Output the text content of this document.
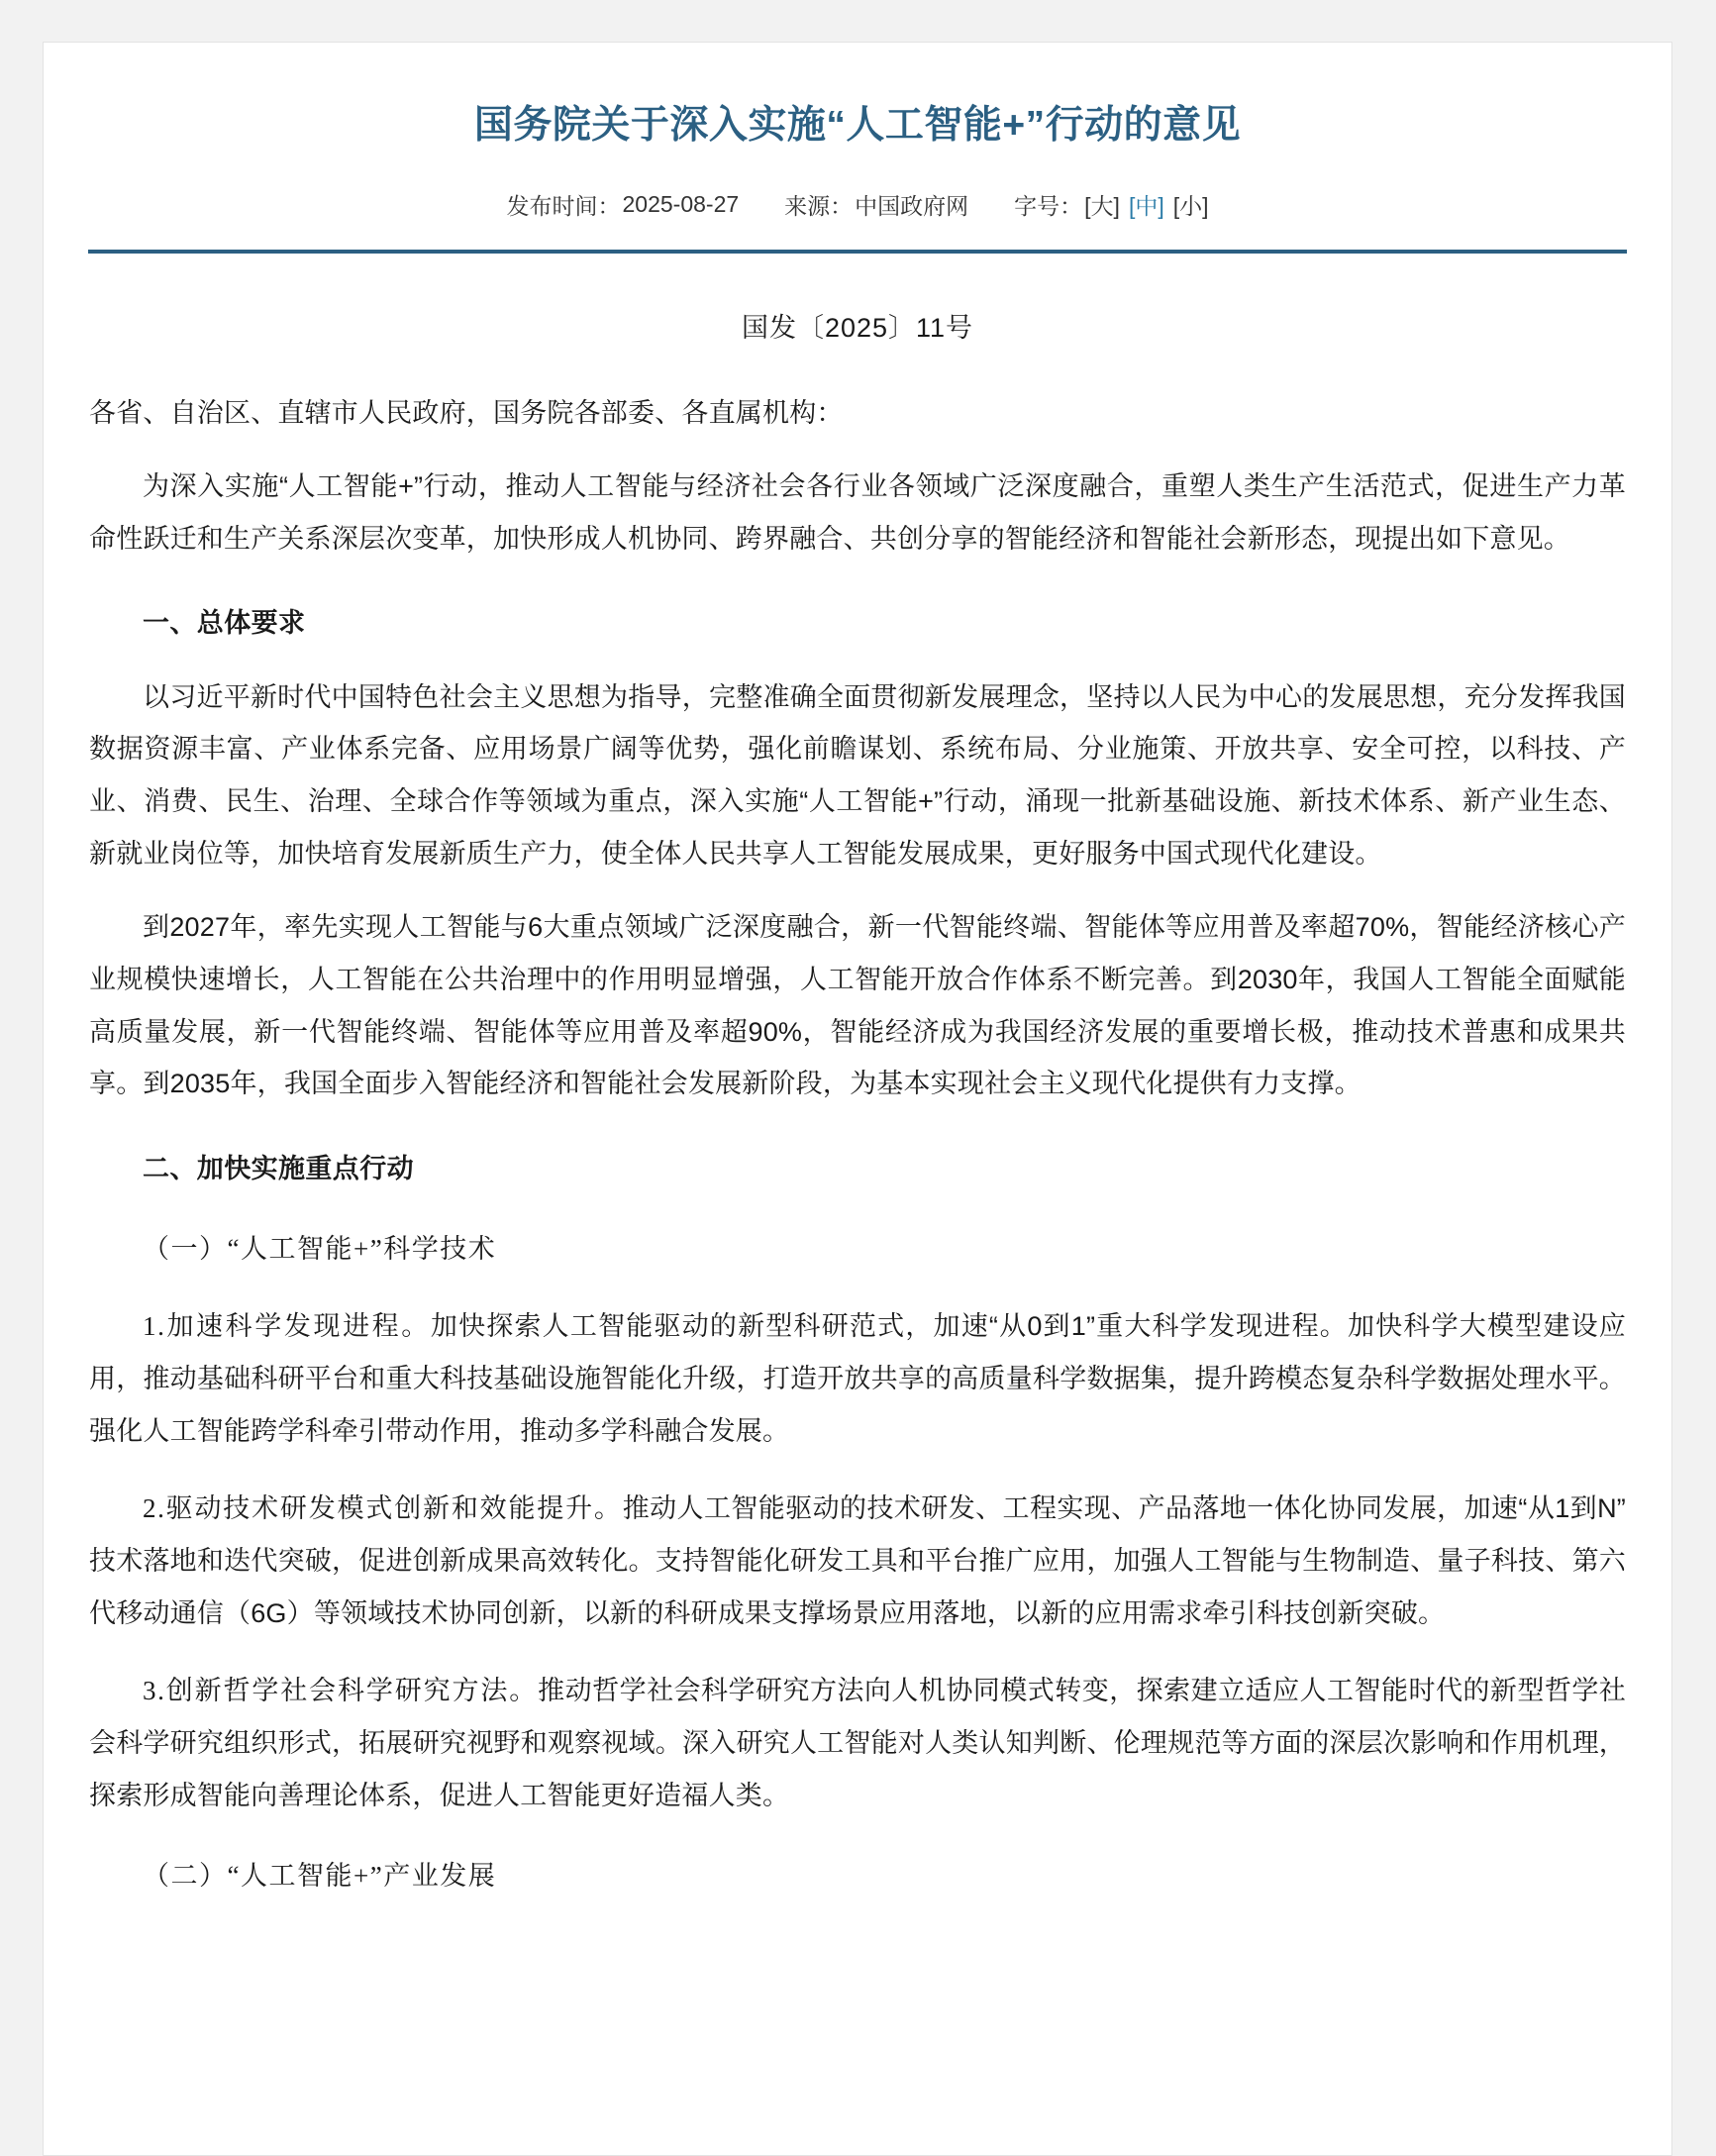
国务院关于深入实施“人工智能+”行动的意见
发布时间： 2025-08-27 来源： 中国政府网 字号： [大] [中] [小]

国发〔2025〕11号

各省、自治区、直辖市人民政府，国务院各部委、各直属机构：

为深入实施“人工智能+”行动，推动人工智能与经济社会各行业各领域广泛深度融合，重塑人类生产生活范式，促进生产力革命性跃迁和生产关系深层次变革，加快形成人机协同、跨界融合、共创分享的智能经济和智能社会新形态，现提出如下意见。

一、总体要求

以习近平新时代中国特色社会主义思想为指导，完整准确全面贯彻新发展理念，坚持以人民为中心的发展思想，充分发挥我国数据资源丰富、产业体系完备、应用场景广阔等优势，强化前瞻谋划、系统布局、分业施策、开放共享、安全可控，以科技、产业、消费、民生、治理、全球合作等领域为重点，深入实施“人工智能+”行动，涌现一批新基础设施、新技术体系、新产业生态、新就业岗位等，加快培育发展新质生产力，使全体人民共享人工智能发展成果，更好服务中国式现代化建设。

到2027年，率先实现人工智能与6大重点领域广泛深度融合，新一代智能终端、智能体等应用普及率超70%，智能经济核心产业规模快速增长，人工智能在公共治理中的作用明显增强，人工智能开放合作体系不断完善。到2030年，我国人工智能全面赋能高质量发展，新一代智能终端、智能体等应用普及率超90%，智能经济成为我国经济发展的重要增长极，推动技术普惠和成果共享。到2035年，我国全面步入智能经济和智能社会发展新阶段，为基本实现社会主义现代化提供有力支撑。

二、加快实施重点行动

（一）“人工智能+”科学技术

1.加速科学发现进程。加快探索人工智能驱动的新型科研范式，加速“从0到1”重大科学发现进程。加快科学大模型建设应用，推动基础科研平台和重大科技基础设施智能化升级，打造开放共享的高质量科学数据集，提升跨模态复杂科学数据处理水平。强化人工智能跨学科牵引带动作用，推动多学科融合发展。

2.驱动技术研发模式创新和效能提升。推动人工智能驱动的技术研发、工程实现、产品落地一体化协同发展，加速“从1到N”技术落地和迭代突破，促进创新成果高效转化。支持智能化研发工具和平台推广应用，加强人工智能与生物制造、量子科技、第六代移动通信（6G）等领域技术协同创新，以新的科研成果支撑场景应用落地，以新的应用需求牵引科技创新突破。

3.创新哲学社会科学研究方法。推动哲学社会科学研究方法向人机协同模式转变，探索建立适应人工智能时代的新型哲学社会科学研究组织形式，拓展研究视野和观察视域。深入研究人工智能对人类认知判断、伦理规范等方面的深层次影响和作用机理，探索形成智能向善理论体系，促进人工智能更好造福人类。

（二）“人工智能+”产业发展
